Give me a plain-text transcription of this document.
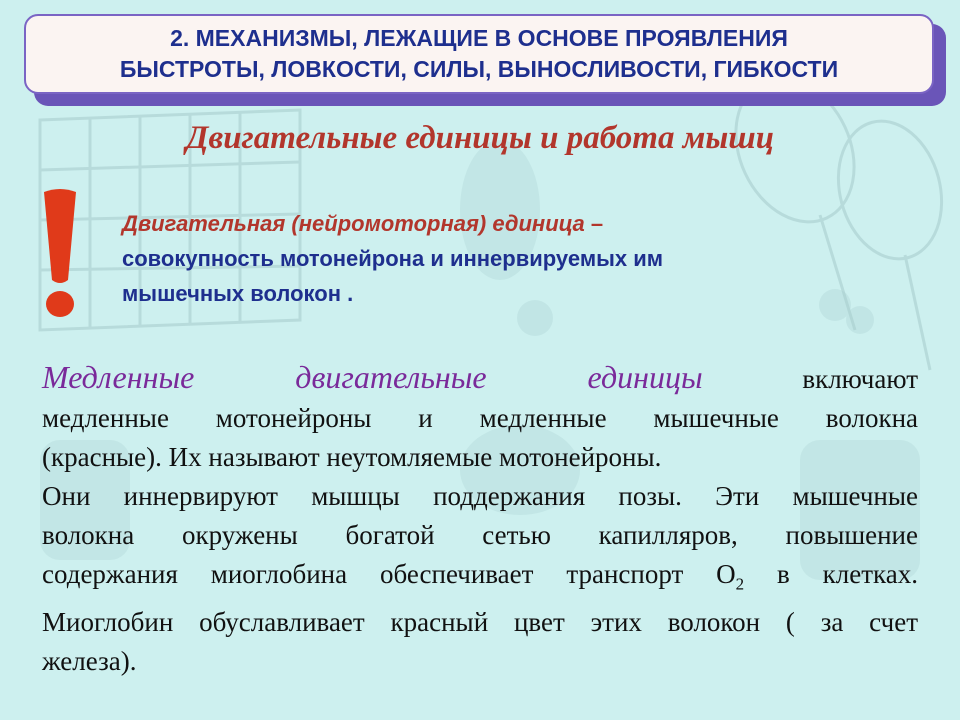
2. МЕХАНИЗМЫ, ЛЕЖАЩИЕ В ОСНОВЕ ПРОЯВЛЕНИЯ
БЫСТРОТЫ, ЛОВКОСТИ, СИЛЫ, ВЫНОСЛИВОСТИ, ГИБКОСТИ
Двигательные единицы и работа мышц
Двигательная (нейромоторная) единица –
совокупность мотонейрона и иннервируемых им
мышечных волокон .
Медленные двигательные единицы	включают
медленные мотонейроны и медленные мышечные волокна
(красные). Их называют неутомляемые мотонейроны.
Они иннервируют мышцы поддержания позы. Эти мышечные
волокна окружены богатой сетью капилляров, повышение
содержания миоглобина обеспечивает транспорт $О_2$ в клетках.
Миоглобин обуславливает красный цвет этих волокон ( за счет
железа).
